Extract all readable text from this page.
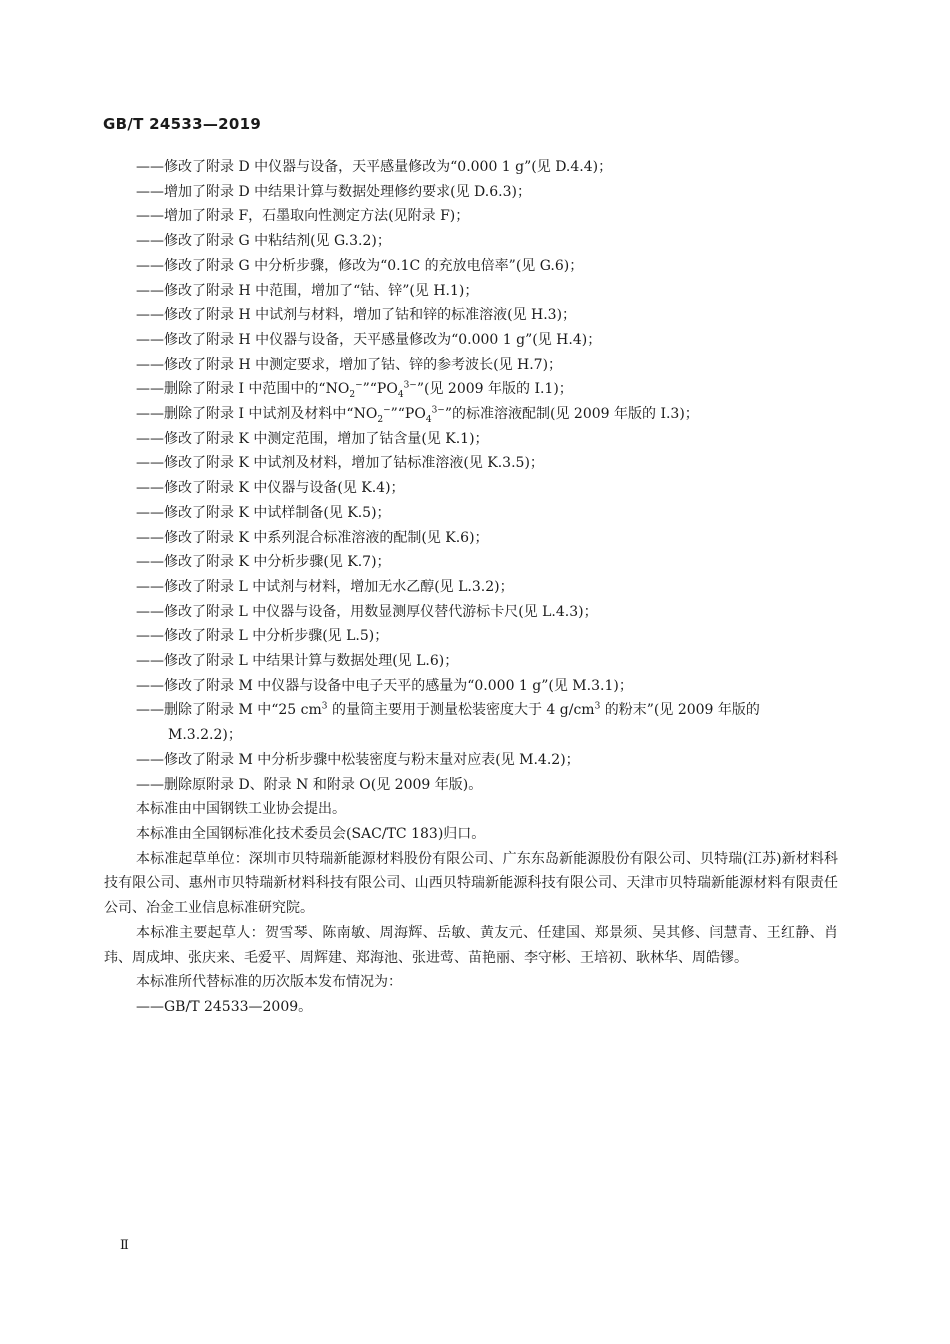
GB/T 24533—2019
——修改了附录 D 中仪器与设备，天平感量修改为“0.000 1 g”(见 D.4.4)；
——增加了附录 D 中结果计算与数据处理修约要求(见 D.6.3)；
——增加了附录 F，石墨取向性测定方法(见附录 F)；
——修改了附录 G 中粘结剂(见 G.3.2)；
——修改了附录 G 中分析步骤，修改为“0.1C 的充放电倍率”(见 G.6)；
——修改了附录 H 中范围，增加了“钴、锌”(见 H.1)；
——修改了附录 H 中试剂与材料，增加了钴和锌的标准溶液(见 H.3)；
——修改了附录 H 中仪器与设备，天平感量修改为“0.000 1 g”(见 H.4)；
——修改了附录 H 中测定要求，增加了钴、锌的参考波长(见 H.7)；
——删除了附录 I 中范围中的“$NO_2^-”“PO_4^{3-}$”(见 2009 年版的 I.1)；
——删除了附录 I 中试剂及材料中“$NO_2^-”“PO_4^{3-}$”的标准溶液配制(见 2009 年版的 I.3)；
——修改了附录 K 中测定范围，增加了钴含量(见 K.1)；
——修改了附录 K 中试剂及材料，增加了钴标准溶液(见 K.3.5)；
——修改了附录 K 中仪器与设备(见 K.4)；
——修改了附录 K 中试样制备(见 K.5)；
——修改了附录 K 中系列混合标准溶液的配制(见 K.6)；
——修改了附录 K 中分析步骤(见 K.7)；
——修改了附录 L 中试剂与材料，增加无水乙醇(见 L.3.2)；
——修改了附录 L 中仪器与设备，用数显测厚仪替代游标卡尺(见 L.4.3)；
——修改了附录 L 中分析步骤(见 L.5)；
——修改了附录 L 中结果计算与数据处理(见 L.6)；
——修改了附录 M 中仪器与设备中电子天平的感量为“0.000 1 g”(见 M.3.1)；
——删除了附录 M 中“25 $cm^3$ 的量筒主要用于测量松装密度大于 4 $g/cm^3$ 的粉末”(见 2009 年版的 M.3.2.2)；
——修改了附录 M 中分析步骤中松装密度与粉末量对应表(见 M.4.2)；
——删除原附录 D、附录 N 和附录 O(见 2009 年版)。
本标准由中国钢铁工业协会提出。
本标准由全国钢标准化技术委员会(SAC/TC 183)归口。
本标准起草单位：深圳市贝特瑞新能源材料股份有限公司、广东东岛新能源股份有限公司、贝特瑞(江苏)新材料科技有限公司、惠州市贝特瑞新材料科技有限公司、山西贝特瑞新能源科技有限公司、天津市贝特瑞新能源材料有限责任公司、冶金工业信息标准研究院。
本标准主要起草人：贺雪琴、陈南敏、周海辉、岳敏、黄友元、任建国、郑景须、吴其修、闫慧青、王红静、肖玮、周成坤、张庆来、毛爱平、周辉建、郑海池、张进莺、苗艳丽、李守彬、王培初、耿林华、周皓镠。
本标准所代替标准的历次版本发布情况为：
——GB/T 24533—2009。
Ⅱ
